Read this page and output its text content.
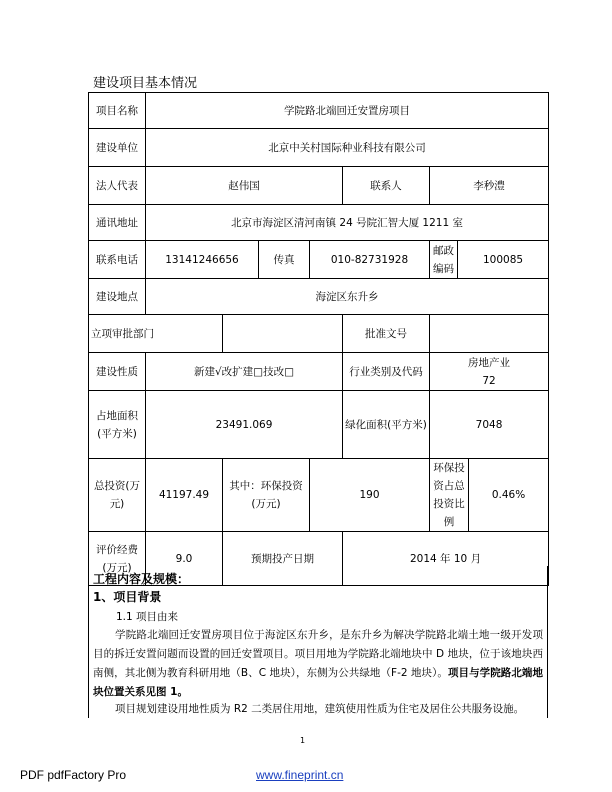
建设项目基本情况
项目名称	学院路北端回迁安置房项目							
建设单位	北京中关村国际种业科技有限公司							
法人代表	赵伟国				联系人	李秒澧		
通讯地址	北京市海淀区清河南镇 24 号院汇智大厦 1211 室							
联系电话	13141246656		传真	010-82731928		邮政编码	100085	
建设地点	海淀区东升乡							
立项审批部门					批准文号			
建设性质	新建√改扩建□技改□				行业类别及代码	房地产业
72		

占地面积(平方米)	23491.069				绿化面积(平方米)	7048		
总投资(万元)	41197.49	其中：环保投资(万元)		190		环保投资占总投资比例		0.46%
评价经费(万元)	9.0	预期投产日期			2014 年 10 月			
工程内容及规模：
1、项目背景
1.1 项目由来
学院路北端回迁安置房项目位于海淀区东升乡，是东升乡为解决学院路北端土地一级开发项目的拆迁安置问题而设置的回迁安置项目。项目用地为学院路北端地块中 D 地块，位于该地块西南侧，其北侧为教育科研用地（B、C 地块），东侧为公共绿地（F-2 地块）。项目与学院路北端地块位置关系见图 1。
项目规划建设用地性质为 R2 二类居住用地，建筑使用性质为住宅及居住公共服务设施。
1
PDF pdfFactory Pro	www.fineprint.cn
